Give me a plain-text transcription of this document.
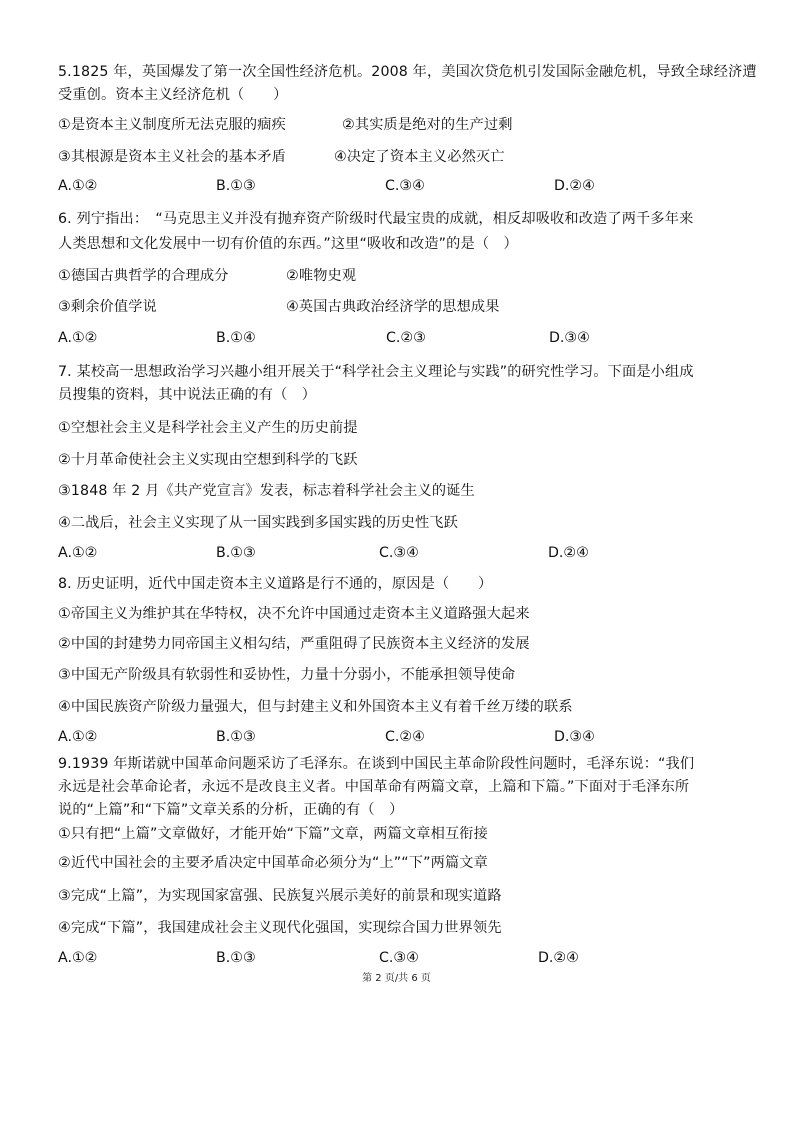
5.1825 年，英国爆发了第一次全国性经济危机。2008 年，美国次贷危机引发国际金融危机，导致全球经济遭
受重创。资本主义经济危机（　　）
①是资本主义制度所无法克服的痼疾	②其实质是绝对的生产过剩
③其根源是资本主义社会的基本矛盾	④决定了资本主义必然灭亡
A.①②	B.①③	C.③④	D.②④
6. 列宁指出：　“马克思主义并没有抛弃资产阶级时代最宝贵的成就，相反却吸收和改造了两千多年来
人类思想和文化发展中一切有价值的东西。”这里“吸收和改造”的是（　）
①德国古典哲学的合理成分	②唯物史观
③剩余价值学说	④英国古典政治经济学的思想成果
A.①②	B.①④	C.②③	D.③④
7. 某校高一思想政治学习兴趣小组开展关于“科学社会主义理论与实践”的研究性学习。下面是小组成
员搜集的资料，其中说法正确的有（　）
①空想社会主义是科学社会主义产生的历史前提
②十月革命使社会主义实现由空想到科学的飞跃
③1848 年 2 月《共产党宣言》发表，标志着科学社会主义的诞生
④二战后，社会主义实现了从一国实践到多国实践的历史性飞跃
A.①②	B.①③	C.③④	D.②④
8. 历史证明，近代中国走资本主义道路是行不通的，原因是（　　）
①帝国主义为维护其在华特权，决不允许中国通过走资本主义道路强大起来
②中国的封建势力同帝国主义相勾结，严重阻碍了民族资本主义经济的发展
③中国无产阶级具有软弱性和妥协性，力量十分弱小，不能承担领导使命
④中国民族资产阶级力量强大，但与封建主义和外国资本主义有着千丝万缕的联系
A.①②	B.①③	C.②④	D.③④
9.1939 年斯诺就中国革命问题采访了毛泽东。在谈到中国民主革命阶段性问题时，毛泽东说：“我们
永远是社会革命论者，永远不是改良主义者。中国革命有两篇文章，上篇和下篇。”下面对于毛泽东所
说的“上篇”和“下篇”文章关系的分析，正确的有（　）
①只有把“上篇”文章做好，才能开始“下篇”文章，两篇文章相互衔接
②近代中国社会的主要矛盾决定中国革命必须分为“上”“下”两篇文章
③完成“上篇”，为实现国家富强、民族复兴展示美好的前景和现实道路
④完成“下篇”，我国建成社会主义现代化强国，实现综合国力世界领先
A.①②	B.①③	C.③④	D.②④
第 2 页/共 6 页
